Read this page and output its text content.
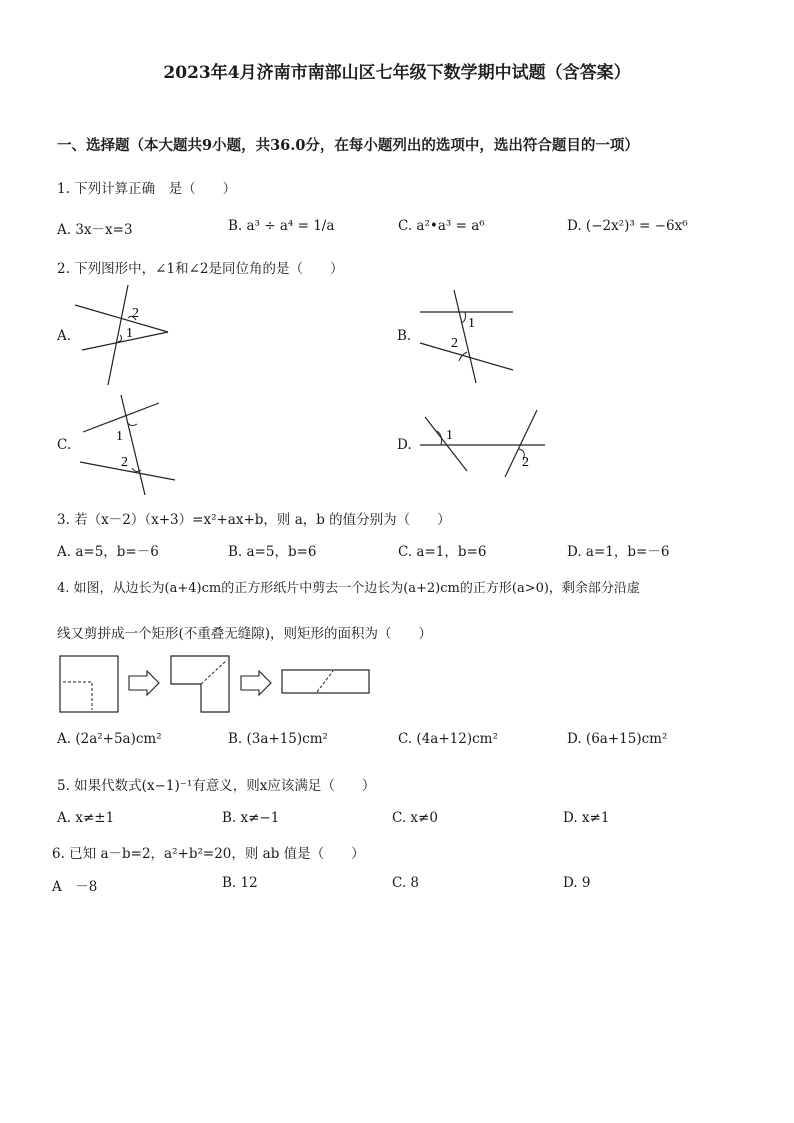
2023年4月济南市南部山区七年级下数学期中试题（含答案）
一、选择题（本大题共9小题，共36.0分，在每小题列出的选项中，选出符合题目的一项）
1. 下列计算正确　是（　　）
A. 3x－x=3	B. a³ ÷ a⁴ = 1/a	C. a²•a³ = a⁶	D. (−2x²)³ = −6x⁶
2. 下列图形中，∠1和∠2是同位角的是（　　）
A.
2
1	B.
1
2
C.
1
2
D.
1
2
3. 若（x－2）（x+3）=x²+ax+b，则 a，b 的值分别为（　　）
A. a=5，b=－6	B. a=5，b=6	C. a=1，b=6	D. a=1，b=－6
4. 如图，从边长为(a+4)cm的正方形纸片中剪去一个边长为(a+2)cm的正方形(a>0)，剩余部分沿虚
线又剪拼成一个矩形(不重叠无缝隙)，则矩形的面积为（　　）
A. (2a²+5a)cm²	B. (3a+15)cm²	C. (4a+12)cm²	D. (6a+15)cm²
5. 如果代数式(x−1)⁻¹有意义，则x应该满足（　　）
A. x≠±1	B. x≠−1	C. x≠0	D. x≠1
6. 已知 a－b=2，a²+b²=20，则 ab 值是（　　）
A　－8	B. 12	C. 8	D. 9
